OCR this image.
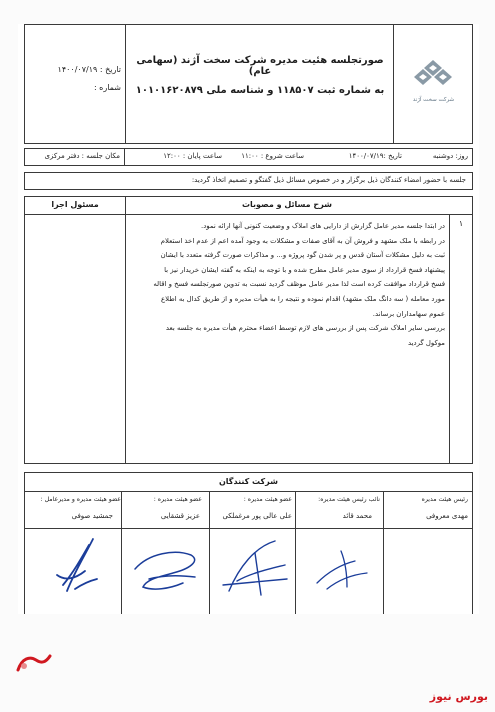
تاریخ : ۱۴۰۰/۰۷/۱۹
شماره :
صورتجلسه هئیت مدیره شرکت سخت آژند (سهامی عام)
به شماره ثبت ۱۱۸۵۰۷ و شناسه ملی ۱۰۱۰۱۶۲۰۸۷۹
شرکت سخت آژند
روز: دوشنبه
تاریخ :۱۴۰۰/۰۷/۱۹
ساعت شروع : ۱۱:۰۰
ساعت پایان : ۱۲:۰۰
مکان جلسه : دفتر مرکزی
جلسه با حضور امضاء کنندگان ذیل برگزار و در خصوص مسائل ذیل گفتگو و تصمیم اتخاذ گردید:
شرح مسائل و مصوبات
مسئول اجرا
۱
در ابتدا جلسه مدیر عامل گزارش از دارایی های املاک و وضعیت کنونی آنها ارائه نمود.
در رابطه با ملک مشهد و فروش آن به آقای صفات و مشکلات به وجود آمده اعم از عدم اخذ استعلام
ثبت به دلیل مشکلات آستان قدس و پر شدن گود پروژه و... و مذاکرات صورت گرفته متعدد با ایشان
پیشنهاد فسخ قرارداد از سوی مدیر عامل مطرح شده و با توجه به اینکه به گفته ایشان خریدار نیز با
فسخ قرارداد موافقت کرده است لذا مدیر عامل موظف گردید نسبت به تدوین صورتجلسه فسخ و اقاله
مورد معامله ( سه دانگ ملک مشهد) اقدام نموده و نتیجه را به هیأت مدیره و از طریق کدال به اطلاع
عموم سهامداران برساند.
بررسی سایر املاک شرکت پس از بررسی های لازم توسط اعضاء محترم هیأت مدیره به جلسه بعد
موکول گردید
شرکت کنندگان
رئیس هیئت مدیره
نائب رئیس هیئت مدیره:
عضو هیئت مدیره :
عضو هیئت مدیره :
عضو هیئت مدیره و مدیرعامل :
مهدی معروفی
محمد قائد
علی عالی پور مرغملکی
عزیز قشقایی
جمشید صوفی
بورس نیوز
